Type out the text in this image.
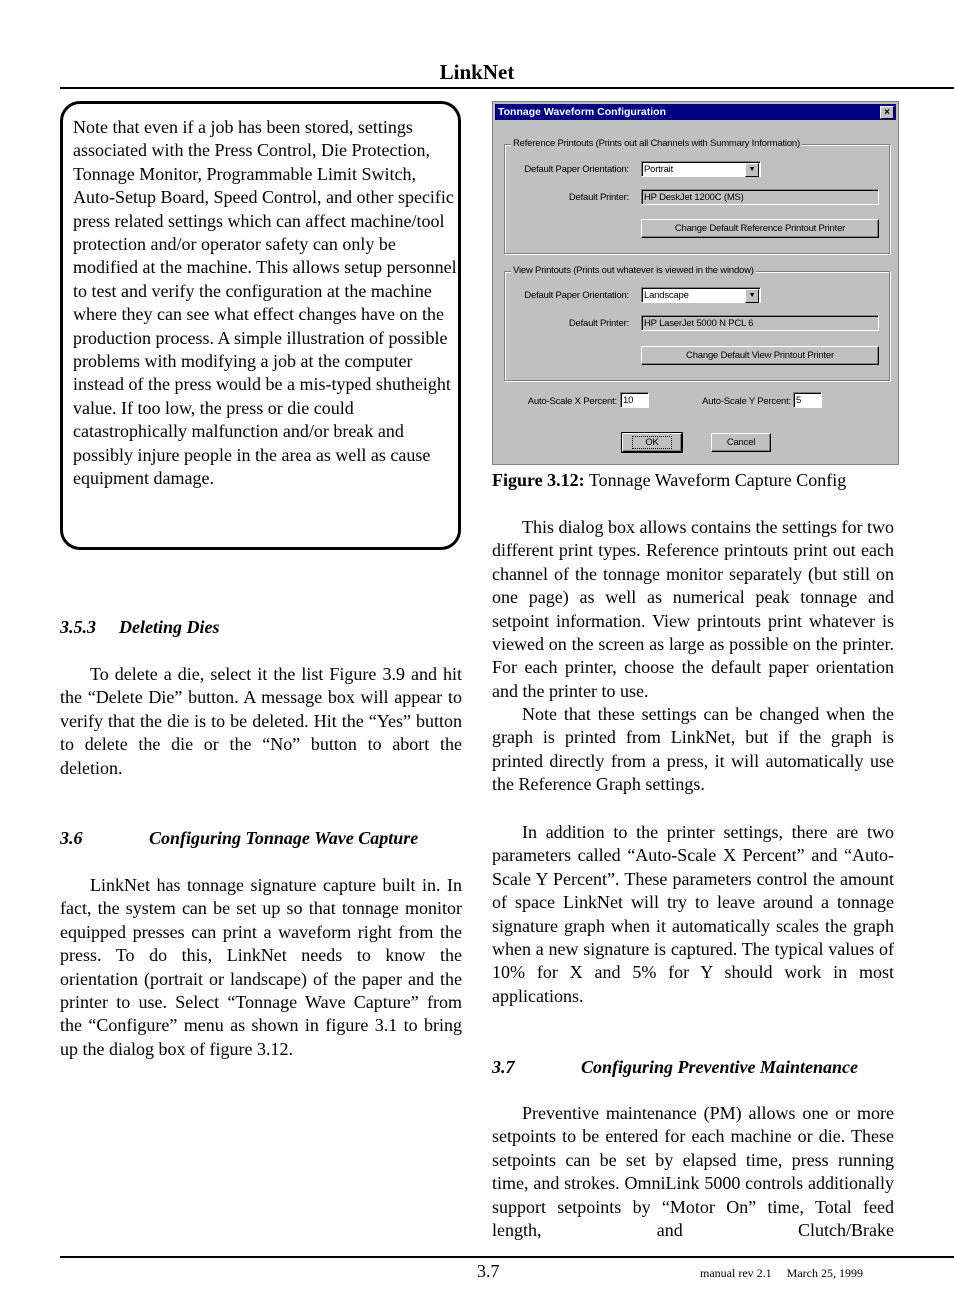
LinkNet

Note that even if a job has been stored, settings associated with the Press Control, Die Protection, Tonnage Monitor, Programmable Limit Switch, Auto-Setup Board, Speed Control, and other specific press related settings which can affect machine/tool protection and/or operator safety can only be modified at the machine. This allows setup personnel to test and verify the configuration at the machine where they can see what effect changes have on the production process. A simple illustration of possible problems with modifying a job at the computer instead of the press would be a mis-typed shutheight value. If too low, the press or die could catastrophically malfunction and/or break and possibly injure people in the area as well as cause equipment damage.

3.5.3 Deleting Dies

To delete a die, select it the list Figure 3.9 and hit the “Delete Die” button. A message box will appear to verify that the die is to be deleted. Hit the “Yes” button to delete the die or the “No” button to abort the deletion.

3.6	Configuring Tonnage Wave Capture

LinkNet has tonnage signature capture built in. In fact, the system can be set up so that tonnage monitor equipped presses can print a waveform right from the press. To do this, LinkNet needs to know the orientation (portrait or landscape) of the paper and the printer to use. Select “Tonnage Wave Capture” from the “Configure” menu as shown in figure 3.1 to bring up the dialog box of figure 3.12.

Tonnage Waveform Configuration	×
Reference Printouts (Prints out all Channels with Summary Information)
Default Paper Orientation:	Portrait	▼
Default Printer:	HP DeskJet 1200C (MS)
Change Default Reference Printout Printer
View Printouts (Prints out whatever is viewed in the window)
Default Paper Orientation:	Landscape	▼
Default Printer:	HP LaserJet 5000 N PCL 6
Change Default View Printout Printer
Auto-Scale X Percent: 10	Auto-Scale Y Percent: 5
OK	Cancel
Figure 3.12: Tonnage Waveform Capture Config

This dialog box allows contains the settings for two different print types. Reference printouts print out each channel of the tonnage monitor separately (but still on one page) as well as numerical peak tonnage and setpoint information. View printouts print whatever is viewed on the screen as large as possible on the printer. For each printer, choose the default paper orientation and the printer to use.

Note that these settings can be changed when the graph is printed from LinkNet, but if the graph is printed directly from a press, it will automatically use the Reference Graph settings.

In addition to the printer settings, there are two parameters called “Auto-Scale X Percent” and “Auto-Scale Y Percent”. These parameters control the amount of space LinkNet will try to leave around a tonnage signature graph when it automatically scales the graph when a new signature is captured. The typical values of 10% for X and 5% for Y should work in most applications.

3.7	Configuring Preventive Maintenance

Preventive maintenance (PM) allows one or more setpoints to be entered for each machine or die. These setpoints can be set by elapsed time, press running time, and strokes. OmniLink 5000 controls additionally support setpoints by “Motor On” time, Total feed length, and Clutch/Brake

3.7	manual rev 2.1     March 25, 1999
